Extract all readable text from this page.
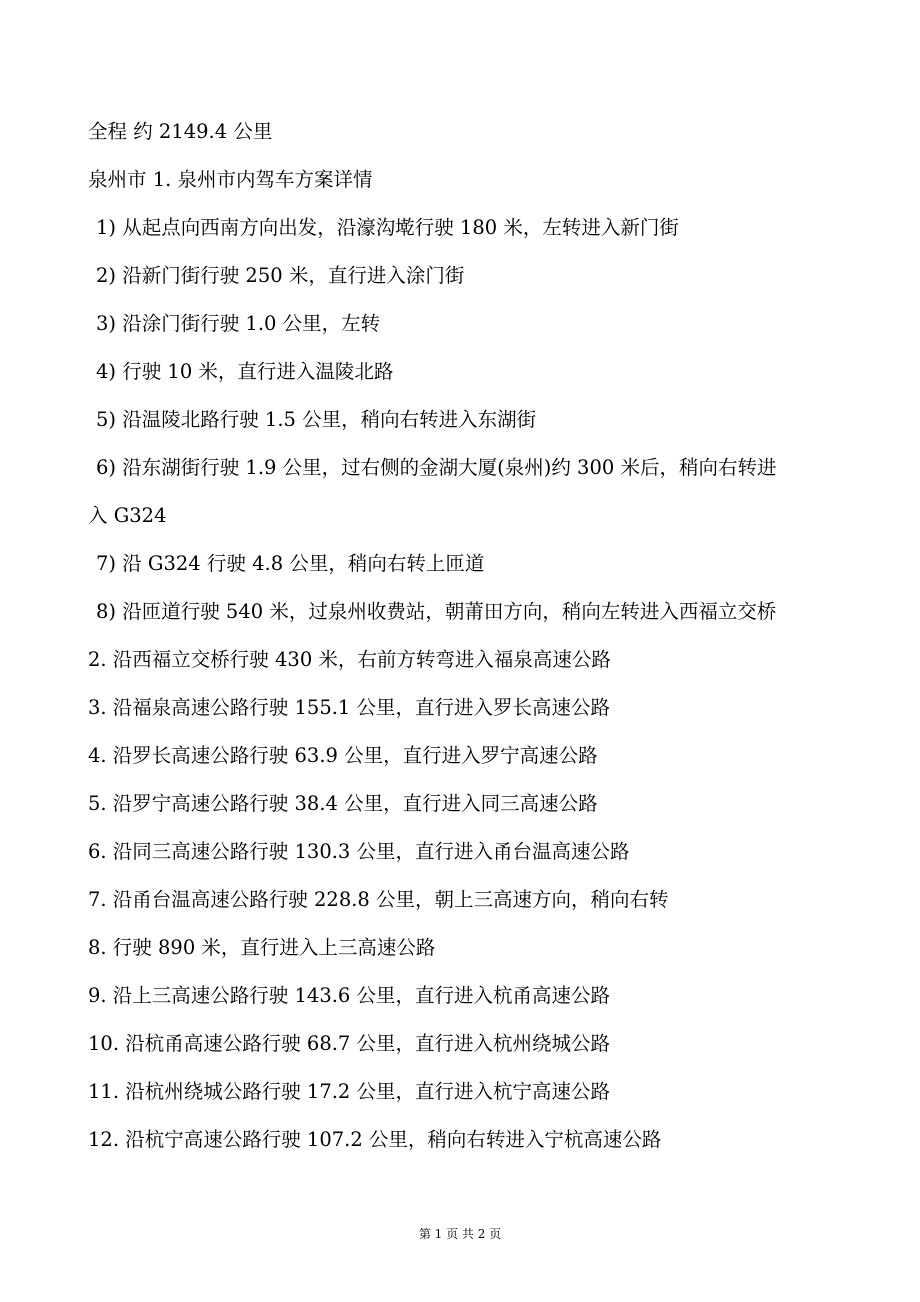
全程 约 2149.4 公里
泉州市 1. 泉州市内驾车方案详情
1) 从起点向西南方向出发，沿濠沟墘行驶 180 米，左转进入新门街
2) 沿新门街行驶 250 米，直行进入涂门街
3) 沿涂门街行驶 1.0 公里，左转
4) 行驶 10 米，直行进入温陵北路
5) 沿温陵北路行驶 1.5 公里，稍向右转进入东湖街
6) 沿东湖街行驶 1.9 公里，过右侧的金湖大厦(泉州)约 300 米后，稍向右转进
入 G324
7) 沿 G324 行驶 4.8 公里，稍向右转上匝道
8) 沿匝道行驶 540 米，过泉州收费站，朝莆田方向，稍向左转进入西福立交桥
2. 沿西福立交桥行驶 430 米，右前方转弯进入福泉高速公路
3. 沿福泉高速公路行驶 155.1 公里，直行进入罗长高速公路
4. 沿罗长高速公路行驶 63.9 公里，直行进入罗宁高速公路
5. 沿罗宁高速公路行驶 38.4 公里，直行进入同三高速公路
6. 沿同三高速公路行驶 130.3 公里，直行进入甬台温高速公路
7. 沿甬台温高速公路行驶 228.8 公里，朝上三高速方向，稍向右转
8. 行驶 890 米，直行进入上三高速公路
9. 沿上三高速公路行驶 143.6 公里，直行进入杭甬高速公路
10. 沿杭甬高速公路行驶 68.7 公里，直行进入杭州绕城公路
11. 沿杭州绕城公路行驶 17.2 公里，直行进入杭宁高速公路
12. 沿杭宁高速公路行驶 107.2 公里，稍向右转进入宁杭高速公路
第 1 页 共 2 页
